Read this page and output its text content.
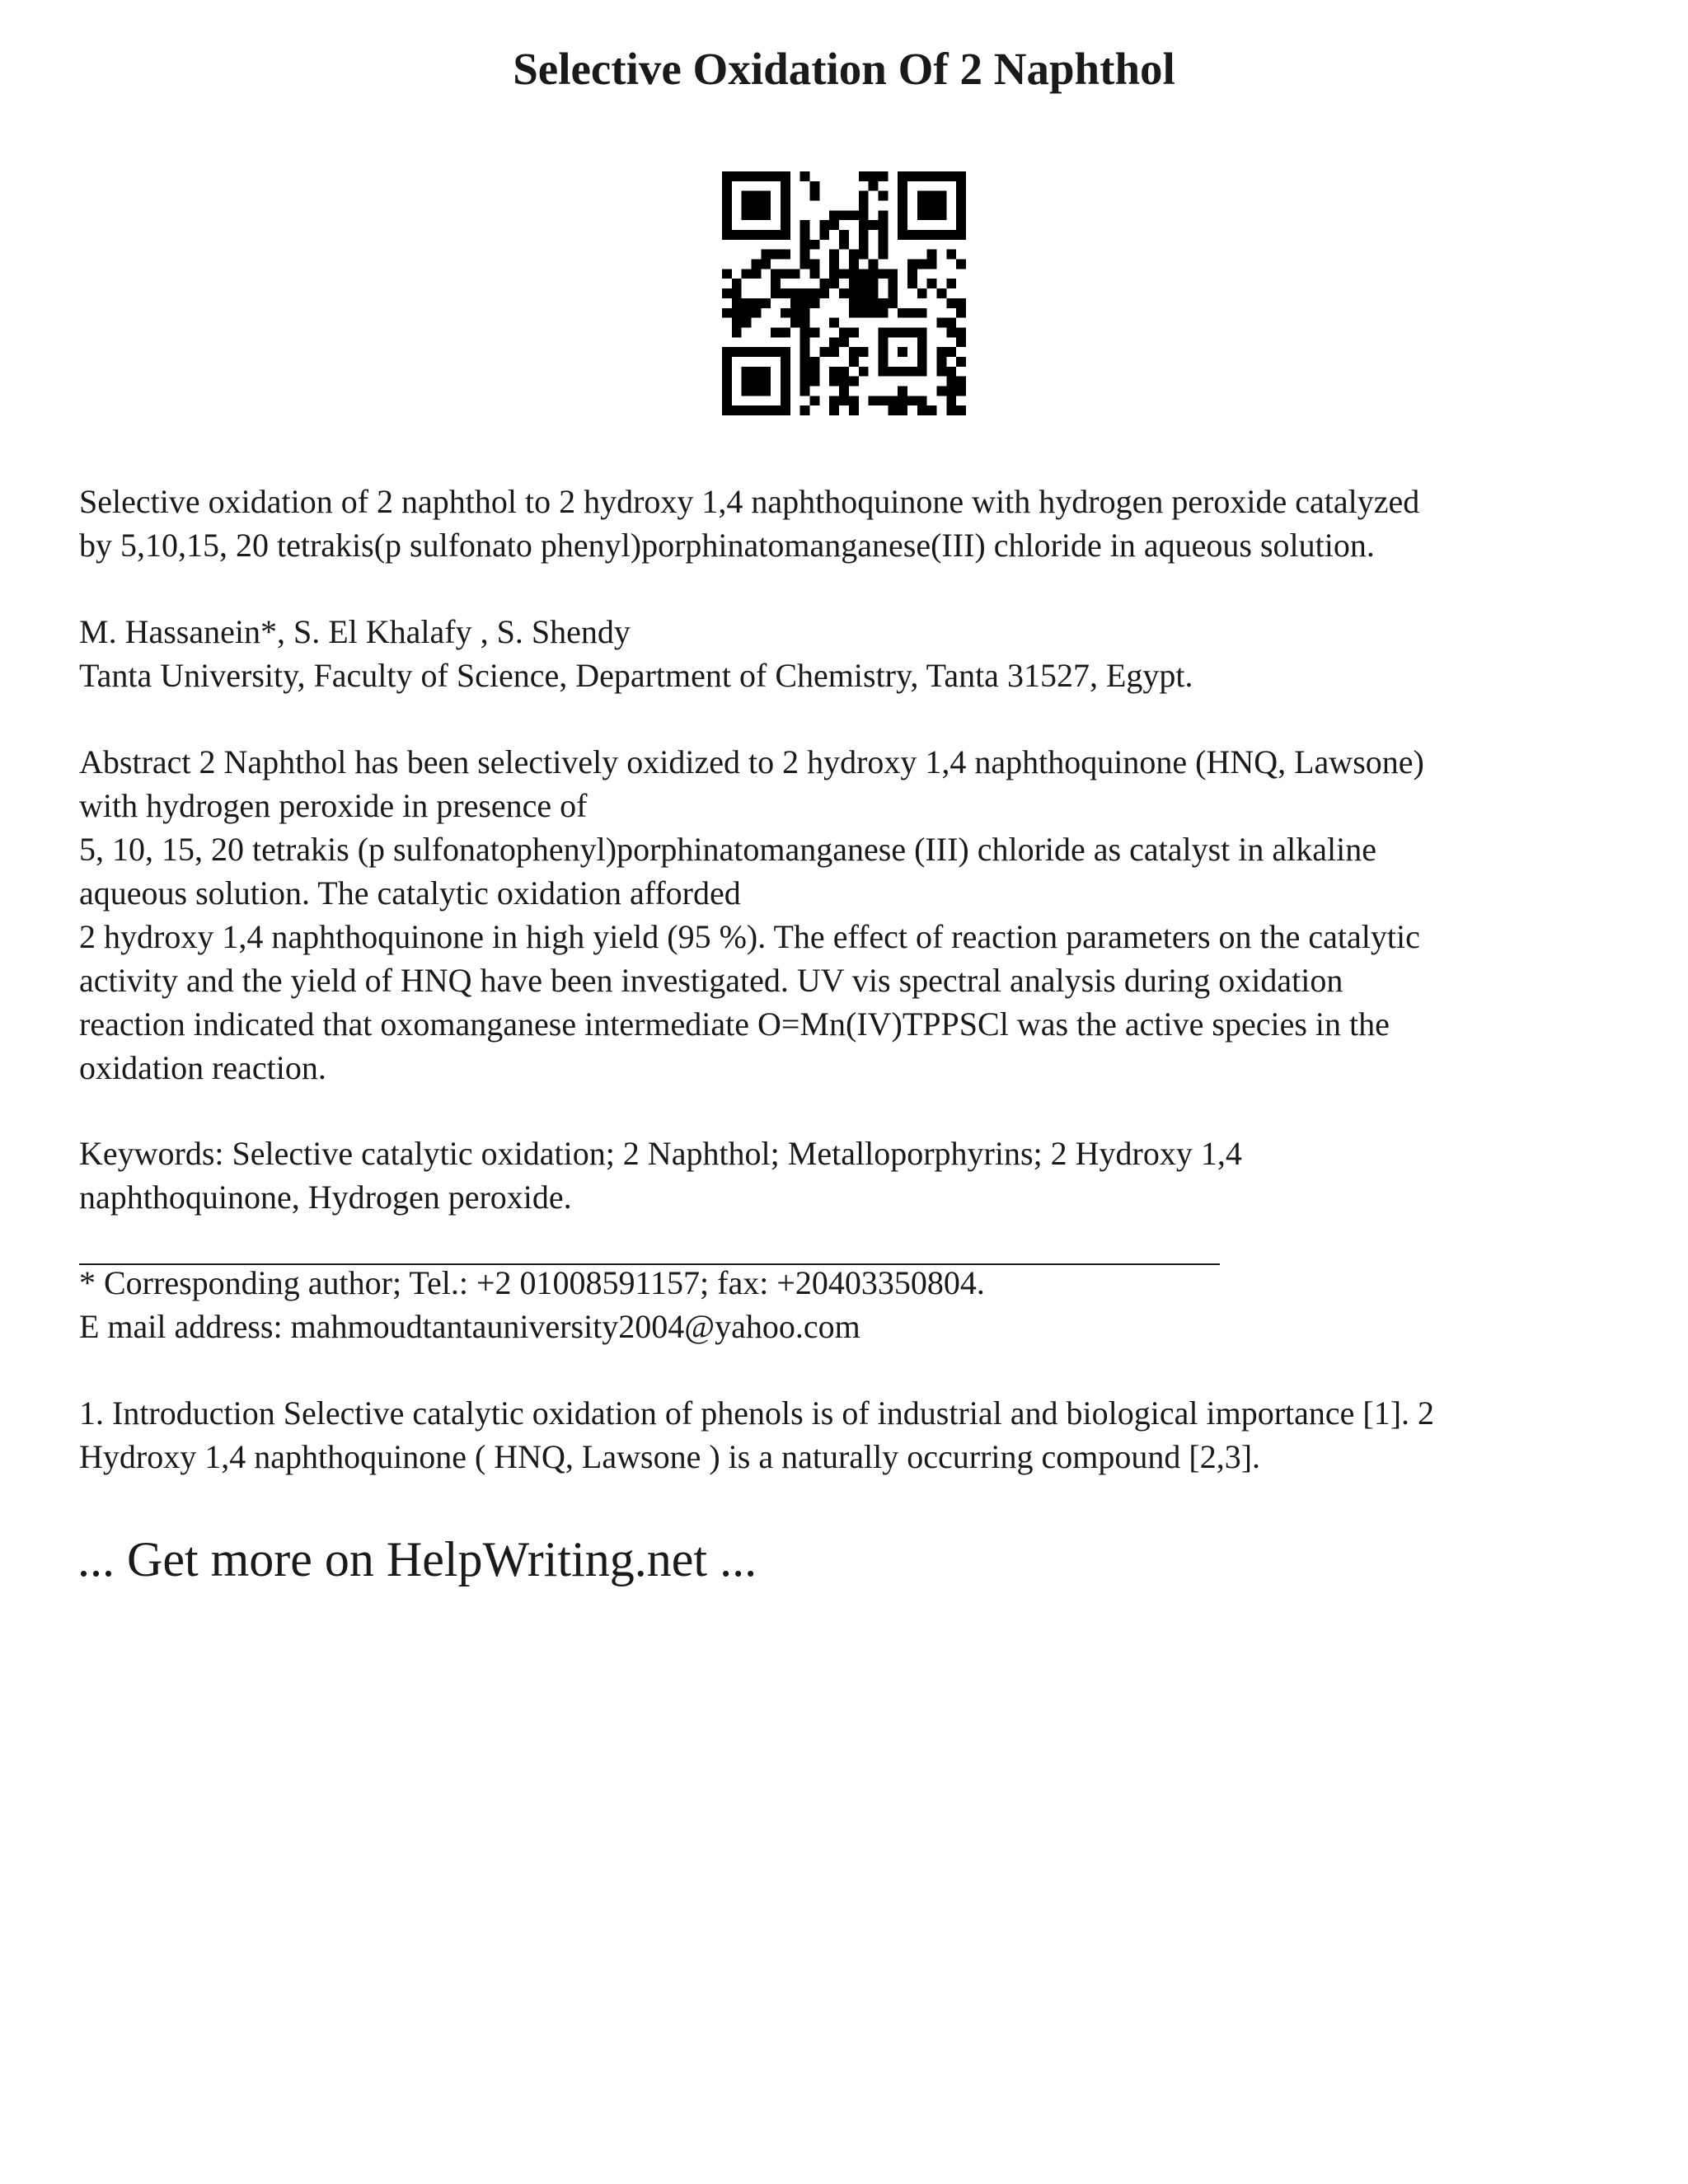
Selective Oxidation Of 2 Naphthol
Selective oxidation of 2 naphthol to 2 hydroxy 1,4 naphthoquinone with hydrogen peroxide catalyzed
by 5,10,15, 20 tetrakis(p sulfonato phenyl)porphinatomanganese(III) chloride in aqueous solution.
M. Hassanein*, S. El Khalafy , S. Shendy
Tanta University, Faculty of Science, Department of Chemistry, Tanta 31527, Egypt.
Abstract 2 Naphthol has been selectively oxidized to 2 hydroxy 1,4 naphthoquinone (HNQ, Lawsone)
with hydrogen peroxide in presence of
5, 10, 15, 20 tetrakis (p sulfonatophenyl)porphinatomanganese (III) chloride as catalyst in alkaline
aqueous solution. The catalytic oxidation afforded
2 hydroxy 1,4 naphthoquinone in high yield (95 %). The effect of reaction parameters on the catalytic
activity and the yield of HNQ have been investigated. UV vis spectral analysis during oxidation
reaction indicated that oxomanganese intermediate O=Mn(IV)TPPSCl was the active species in the
oxidation reaction.
Keywords: Selective catalytic oxidation; 2 Naphthol; Metalloporphyrins; 2 Hydroxy 1,4
naphthoquinone, Hydrogen peroxide.
* Corresponding author; Tel.: +2 01008591157; fax: +20403350804.
E mail address: mahmoudtantauniversity2004@yahoo.com
1. Introduction Selective catalytic oxidation of phenols is of industrial and biological importance [1]. 2
Hydroxy 1,4 naphthoquinone ( HNQ, Lawsone ) is a naturally occurring compound [2,3].
... Get more on HelpWriting.net ...
